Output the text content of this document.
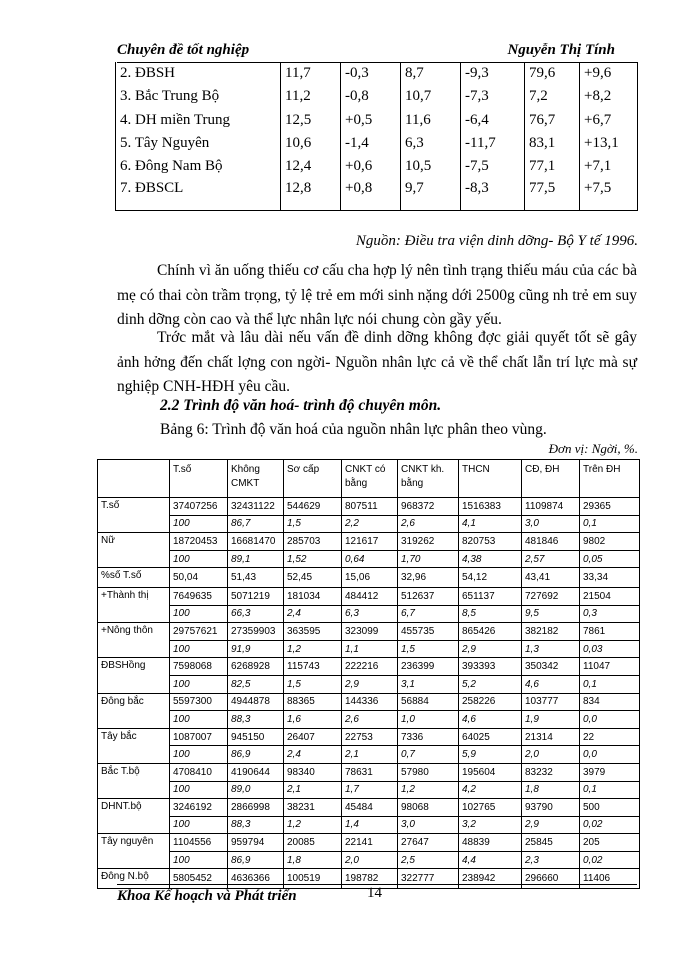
Chuyên đề tốt nghiệp	Nguyễn Thị Tính
2. ĐBSH	11,7	-0,3	8,7	-9,3	79,6	+9,6
3. Bắc Trung Bộ	11,2	-0,8	10,7	-7,3	7,2	+8,2
4. DH miền Trung	12,5	+0,5	11,6	-6,4	76,7	+6,7
5. Tây Nguyên	10,6	-1,4	6,3	-11,7	83,1	+13,1
6. Đông Nam Bộ	12,4	+0,6	10,5	-7,5	77,1	+7,1
7. ĐBSCL	12,8	+0,8	9,7	-8,3	77,5	+7,5
Nguồn: Điều tra viện dinh dỡng- Bộ Y tế 1996.

Chính vì ăn uống thiếu cơ cấu cha hợp lý nên tình trạng thiếu máu của các bà mẹ có thai còn trầm trọng, tỷ lệ trẻ em mới sinh nặng dới 2500g cũng nh trẻ em suy dinh dỡng còn cao và thể lực nhân lực nói chung còn gầy yếu.

Trớc mắt và lâu dài nếu vấn đề dinh dỡng không đợc giải quyết tốt sẽ gây ảnh hởng đến chất lợng con ngời- Nguồn nhân lực cả về thể chất lẫn trí lực mà sự nghiệp CNH-HĐH yêu cầu.

2.2 Trình độ văn hoá- trình độ chuyên môn.
Bảng 6: Trình độ văn hoá của nguồn nhân lực phân theo vùng.
Đơn vị: Ngời, %.
	T.số	Không CMKT	Sơ cấp	CNKT có bằng	CNKT kh. bằng	THCN	CĐ, ĐH	Trên ĐH
T.số	37407256	32431122	544629	807511	968372	1516383	1109874	29365
	100	86,7	1,5	2,2	2,6	4,1	3,0	0,1
Nữ	18720453	16681470	285703	121617	319262	820753	481846	9802
	100	89,1	1,52	0,64	1,70	4,38	2,57	0,05
%số T.số	50,04	51,43	52,45	15,06	32,96	54,12	43,41	33,34
+Thành thị	7649635	5071219	181034	484412	512637	651137	727692	21504
	100	66,3	2,4	6,3	6,7	8,5	9,5	0,3
+Nông thôn	29757621	27359903	363595	323099	455735	865426	382182	7861
	100	91,9	1,2	1,1	1,5	2,9	1,3	0,03
ĐBSHồng	7598068	6268928	115743	222216	236399	393393	350342	11047
	100	82,5	1,5	2,9	3,1	5,2	4,6	0,1
Đông bắc	5597300	4944878	88365	144336	56884	258226	103777	834
	100	88,3	1,6	2,6	1,0	4,6	1,9	0,0
Tây bắc	1087007	945150	26407	22753	7336	64025	21314	22
	100	86,9	2,4	2,1	0,7	5,9	2,0	0,0
Bắc T.bộ	4708410	4190644	98340	78631	57980	195604	83232	3979
	100	89,0	2,1	1,7	1,2	4,2	1,8	0,1
DHNT.bộ	3246192	2866998	38231	45484	98068	102765	93790	500
	100	88,3	1,2	1,4	3,0	3,2	2,9	0,02
Tây nguyên	1104556	959794	20085	22141	27647	48839	25845	205
	100	86,9	1,8	2,0	2,5	4,4	2,3	0,02
Đông N.bộ	5805452	4636366	100519	198782	322777	238942	296660	11406
Khoa Kế hoạch và Phát triển	14
